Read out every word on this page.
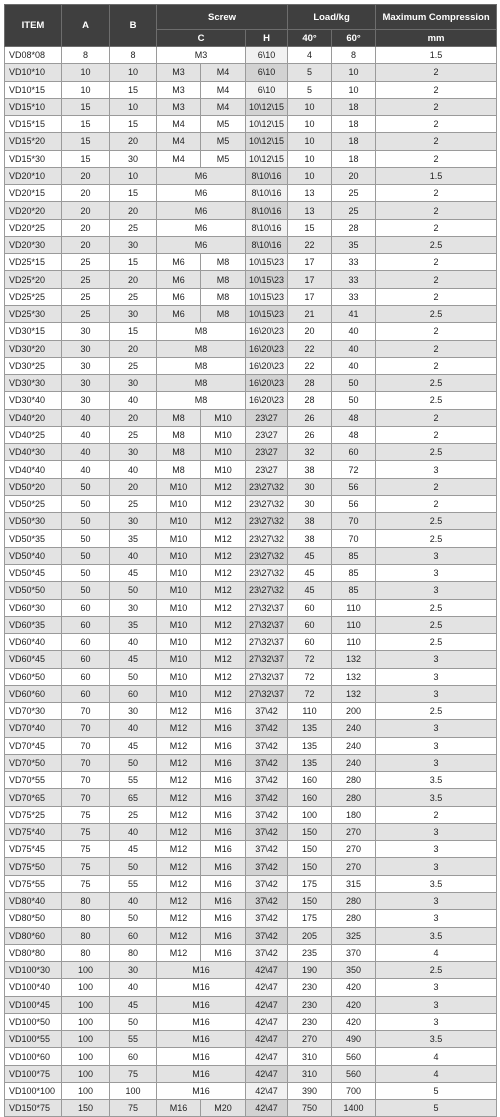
ITEM	A	B	Screw			Load/kg		Maximum Compression
			C		H	40°	60°	mm
VD08*08	8	8	M3		6\10	4	8	1.5
VD10*10	10	10	M3	M4	6\10	5	10	2
VD10*15	10	15	M3	M4	6\10	5	10	2
VD15*10	15	10	M3	M4	10\12\15	10	18	2
VD15*15	15	15	M4	M5	10\12\15	10	18	2
VD15*20	15	20	M4	M5	10\12\15	10	18	2
VD15*30	15	30	M4	M5	10\12\15	10	18	2
VD20*10	20	10	M6		8\10\16	10	20	1.5
VD20*15	20	15	M6		8\10\16	13	25	2
VD20*20	20	20	M6		8\10\16	13	25	2
VD20*25	20	25	M6		8\10\16	15	28	2
VD20*30	20	30	M6		8\10\16	22	35	2.5
VD25*15	25	15	M6	M8	10\15\23	17	33	2
VD25*20	25	20	M6	M8	10\15\23	17	33	2
VD25*25	25	25	M6	M8	10\15\23	17	33	2
VD25*30	25	30	M6	M8	10\15\23	21	41	2.5
VD30*15	30	15	M8		16\20\23	20	40	2
VD30*20	30	20	M8		16\20\23	22	40	2
VD30*25	30	25	M8		16\20\23	22	40	2
VD30*30	30	30	M8		16\20\23	28	50	2.5
VD30*40	30	40	M8		16\20\23	28	50	2.5
VD40*20	40	20	M8	M10	23\27	26	48	2
VD40*25	40	25	M8	M10	23\27	26	48	2
VD40*30	40	30	M8	M10	23\27	32	60	2.5
VD40*40	40	40	M8	M10	23\27	38	72	3
VD50*20	50	20	M10	M12	23\27\32	30	56	2
VD50*25	50	25	M10	M12	23\27\32	30	56	2
VD50*30	50	30	M10	M12	23\27\32	38	70	2.5
VD50*35	50	35	M10	M12	23\27\32	38	70	2.5
VD50*40	50	40	M10	M12	23\27\32	45	85	3
VD50*45	50	45	M10	M12	23\27\32	45	85	3
VD50*50	50	50	M10	M12	23\27\32	45	85	3
VD60*30	60	30	M10	M12	27\32\37	60	110	2.5
VD60*35	60	35	M10	M12	27\32\37	60	110	2.5
VD60*40	60	40	M10	M12	27\32\37	60	110	2.5
VD60*45	60	45	M10	M12	27\32\37	72	132	3
VD60*50	60	50	M10	M12	27\32\37	72	132	3
VD60*60	60	60	M10	M12	27\32\37	72	132	3
VD70*30	70	30	M12	M16	37\42	110	200	2.5
VD70*40	70	40	M12	M16	37\42	135	240	3
VD70*45	70	45	M12	M16	37\42	135	240	3
VD70*50	70	50	M12	M16	37\42	135	240	3
VD70*55	70	55	M12	M16	37\42	160	280	3.5
VD70*65	70	65	M12	M16	37\42	160	280	3.5
VD75*25	75	25	M12	M16	37\42	100	180	2
VD75*40	75	40	M12	M16	37\42	150	270	3
VD75*45	75	45	M12	M16	37\42	150	270	3
VD75*50	75	50	M12	M16	37\42	150	270	3
VD75*55	75	55	M12	M16	37\42	175	315	3.5
VD80*40	80	40	M12	M16	37\42	150	280	3
VD80*50	80	50	M12	M16	37\42	175	280	3
VD80*60	80	60	M12	M16	37\42	205	325	3.5
VD80*80	80	80	M12	M16	37\42	235	370	4
VD100*30	100	30	M16		42\47	190	350	2.5
VD100*40	100	40	M16		42\47	230	420	3
VD100*45	100	45	M16		42\47	230	420	3
VD100*50	100	50	M16		42\47	230	420	3
VD100*55	100	55	M16		42\47	270	490	3.5
VD100*60	100	60	M16		42\47	310	560	4
VD100*75	100	75	M16		42\47	310	560	4
VD100*100	100	100	M16		42\47	390	700	5
VD150*75	150	75	M16	M20	42\47	750	1400	5
